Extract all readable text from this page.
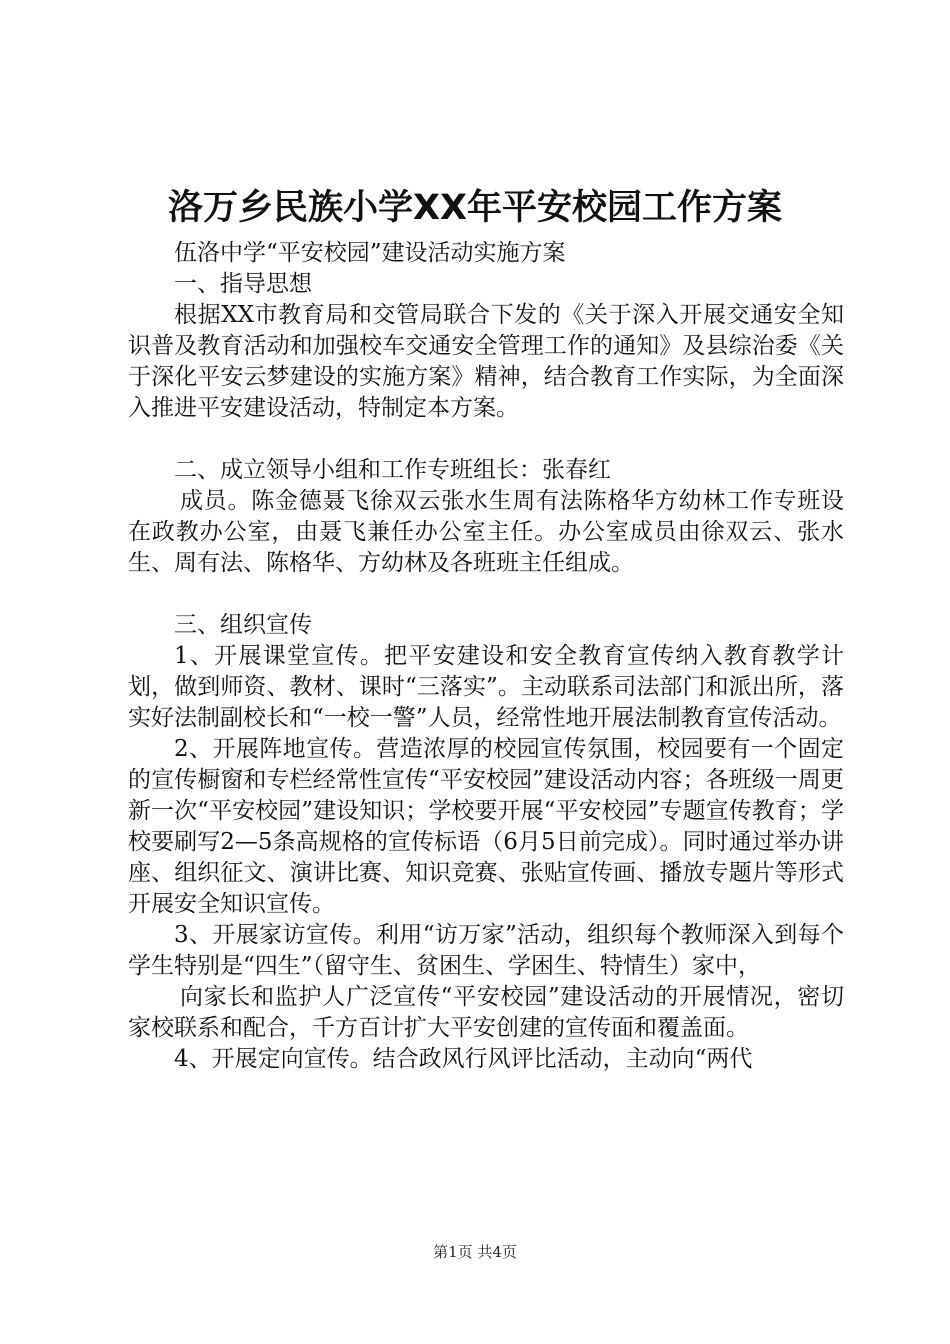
洛万乡民族小学XX年平安校园工作方案

伍洛中学“平安校园”建设活动实施方案

一、指导思想

根据XX市教育局和交管局联合下发的《关于深入开展交通安全知识普及教育活动和加强校车交通安全管理工作的通知》及县综治委《关于深化平安云梦建设的实施方案》精神，结合教育工作实际，为全面深入推进平安建设活动，特制定本方案。

二、成立领导小组和工作专班组长：张春红

成员。陈金德聂飞徐双云张水生周有法陈格华方幼林工作专班设在政教办公室，由聂飞兼任办公室主任。办公室成员由徐双云、张水生、周有法、陈格华、方幼林及各班班主任组成。

三、组织宣传

1、开展课堂宣传。把平安建设和安全教育宣传纳入教育教学计划，做到师资、教材、课时“三落实”。主动联系司法部门和派出所，落实好法制副校长和“一校一警”人员，经常性地开展法制教育宣传活动。

2、开展阵地宣传。营造浓厚的校园宣传氛围，校园要有一个固定的宣传橱窗和专栏经常性宣传“平安校园”建设活动内容；各班级一周更新一次“平安校园”建设知识；学校要开展“平安校园”专题宣传教育；学校要刷写2—5条高规格的宣传标语（6月5日前完成）。同时通过举办讲座、组织征文、演讲比赛、知识竞赛、张贴宣传画、播放专题片等形式开展安全知识宣传。

3、开展家访宣传。利用“访万家”活动，组织每个教师深入到每个学生特别是“四生”（留守生、贫困生、学困生、特情生）家中，

向家长和监护人广泛宣传“平安校园”建设活动的开展情况，密切家校联系和配合，千方百计扩大平安创建的宣传面和覆盖面。

4、开展定向宣传。结合政风行风评比活动，主动向“两代

第1页 共4页
